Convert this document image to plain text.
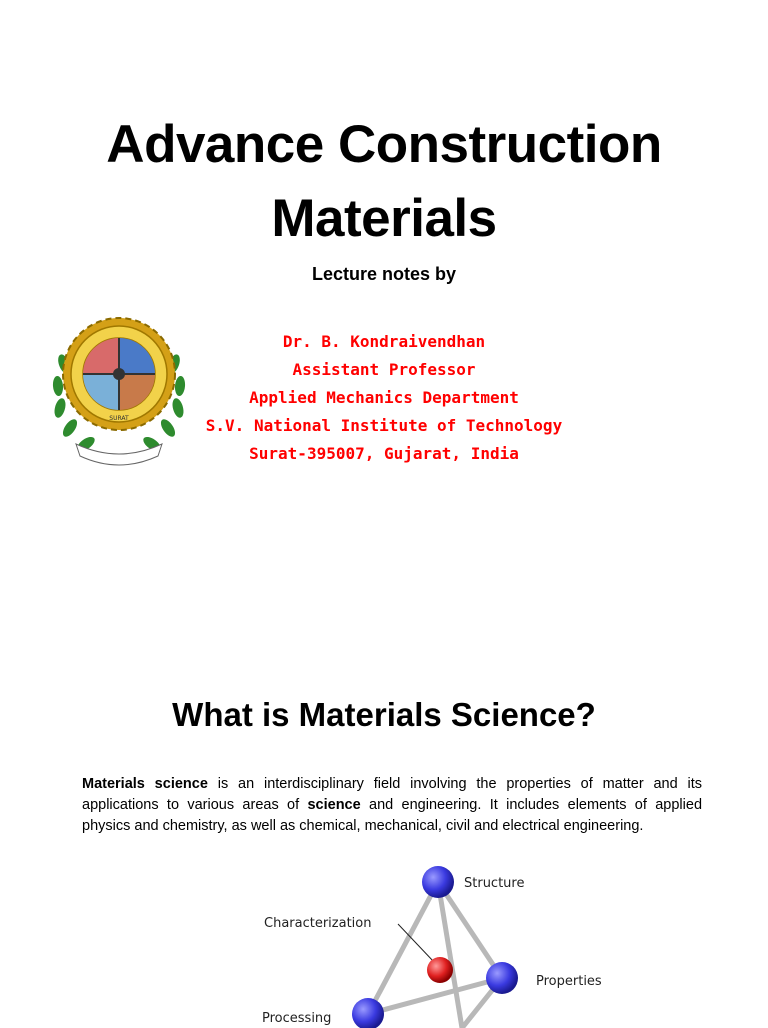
Advance Construction
Materials
Lecture notes by
SURAT
Dr. B. Kondraivendhan
Assistant Professor
Applied Mechanics Department
S.V. National Institute of Technology
Surat-395007, Gujarat, India
What is Materials Science?
Materials science is an interdisciplinary field involving the properties of matter and its applications to various areas of science and engineering. It includes elements of applied physics and chemistry, as well as chemical, mechanical, civil and electrical engineering.
Structure
Characterization
Properties
Processing
